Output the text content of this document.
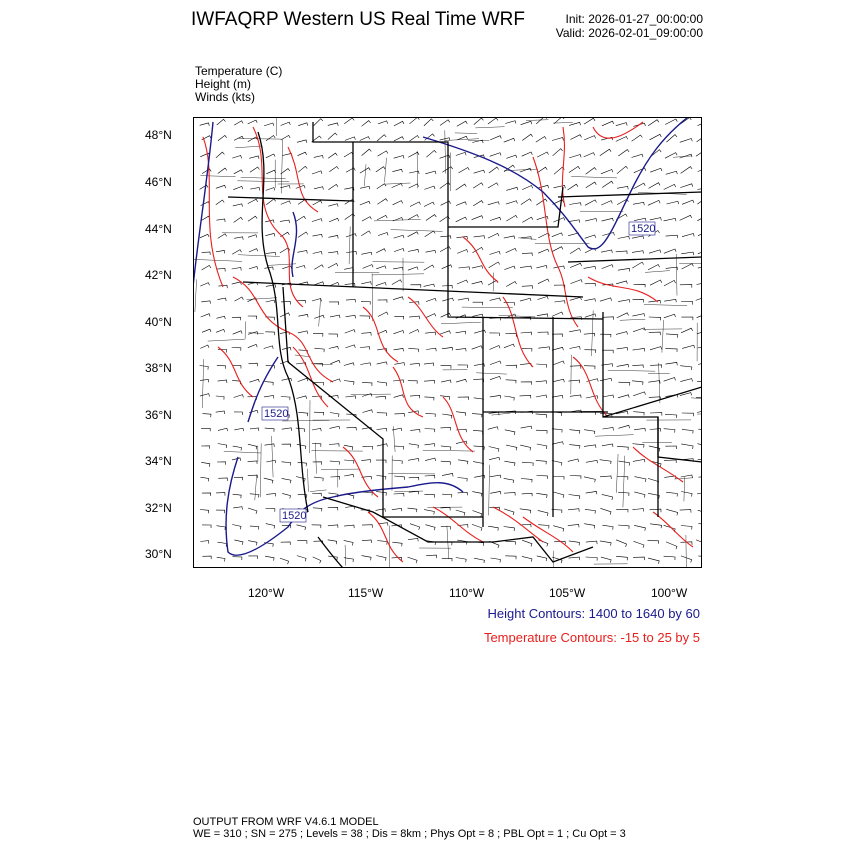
IWFAQRP Western US Real Time WRF	Init: 2026-01-27_00:00:00
Valid: 2026-02-01_09:00:00
Temperature (C)
Height (m)
Winds (kts)
1520
1520
1520
48°N
46°N
44°N
42°N
40°N
38°N
36°N
34°N
32°N
30°N
120°W	115°W	110°W	105°W	100°W
Height Contours: 1400 to 1640 by 60
Temperature Contours: -15 to 25 by 5
OUTPUT FROM WRF V4.6.1 MODEL
WE = 310 ; SN = 275 ; Levels = 38 ; Dis = 8km ; Phys Opt = 8 ; PBL Opt = 1 ; Cu Opt = 3
